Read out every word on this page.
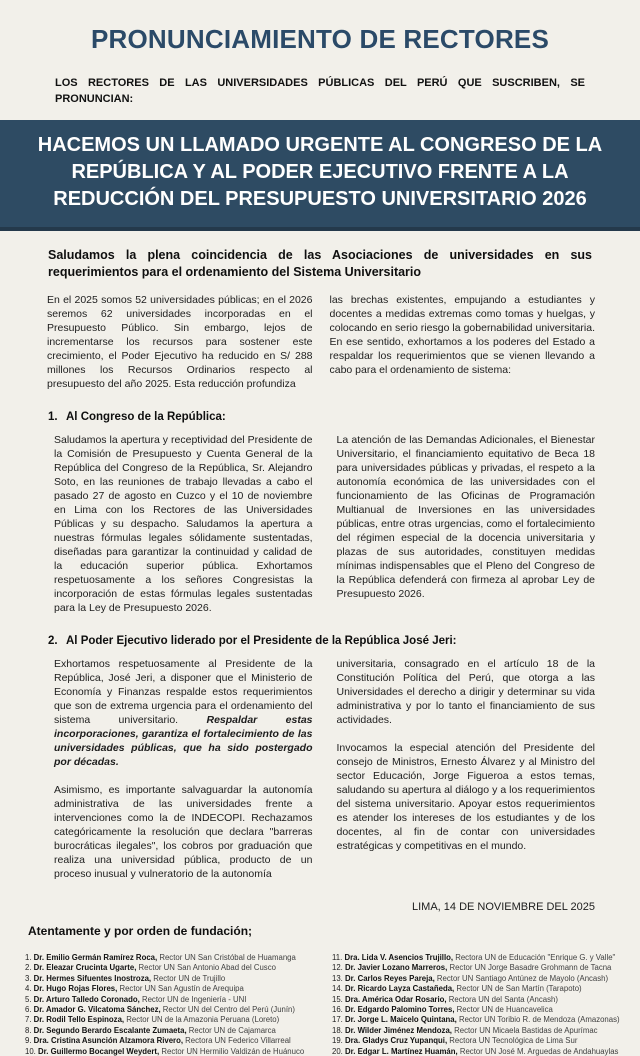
PRONUNCIAMIENTO DE RECTORES

LOS RECTORES DE LAS UNIVERSIDADES PÚBLICAS DEL PERÚ QUE SUSCRIBEN, SE PRONUNCIAN:

HACEMOS UN LLAMADO URGENTE AL CONGRESO DE LA REPÚBLICA Y AL PODER EJECUTIVO FRENTE A LA REDUCCIÓN DEL PRESUPUESTO UNIVERSITARIO 2026

Saludamos la plena coincidencia de las Asociaciones de universidades en sus requerimientos para el ordenamiento del Sistema Universitario

En el 2025 somos 52 universidades públicas; en el 2026 seremos 62 universidades incorporadas en el Presupuesto Público. Sin embargo, lejos de incrementarse los recursos para sostener este crecimiento, el Poder Ejecutivo ha reducido en S/ 288 millones los Recursos Ordinarios respecto al presupuesto del año 2025. Esta reducción profundiza
las brechas existentes, empujando a estudiantes y docentes a medidas extremas como tomas y huelgas, y colocando en serio riesgo la gobernabilidad universitaria. En ese sentido, exhortamos a los poderes del Estado a respaldar los requerimientos que se vienen llevando a cabo para el ordenamiento de sistema:
1. Al Congreso de la República:
Saludamos la apertura y receptividad del Presidente de la Comisión de Presupuesto y Cuenta General de la República del Congreso de la República, Sr. Alejandro Soto, en las reuniones de trabajo llevadas a cabo el pasado 27 de agosto en Cuzco y el 10 de noviembre en Lima con los Rectores de las Universidades Públicas y su despacho. Saludamos la apertura a nuestras fórmulas legales sólidamente sustentadas, diseñadas para garantizar la continuidad y calidad de la educación superior pública. Exhortamos respetuosamente a los señores Congresistas la incorporación de estas fórmulas legales sustentadas para la Ley de Presupuesto 2026.
La atención de las Demandas Adicionales, el Bienestar Universitario, el financiamiento equitativo de Beca 18 para universidades públicas y privadas, el respeto a la autonomía económica de las universidades con el funcionamiento de las Oficinas de Programación Multianual de Inversiones en las universidades públicas, entre otras urgencias, como el fortalecimiento del régimen especial de la docencia universitaria y plazas de sus autoridades, constituyen medidas mínimas indispensables que el Pleno del Congreso de la República defenderá con firmeza al aprobar Ley de Presupuesto 2026.
2. Al Poder Ejecutivo liderado por el Presidente de la República José Jeri:

Exhortamos respetuosamente al Presidente de la República, José Jeri, a disponer que el Ministerio de Economía y Finanzas respalde estos requerimientos que son de extrema urgencia para el ordenamiento del sistema universitario. Respaldar estas incorporaciones, garantiza el fortalecimiento de las universidades públicas, que ha sido postergado por décadas.

Asimismo, es importante salvaguardar la autonomía administrativa de las universidades frente a intervenciones como la de INDECOPI. Rechazamos categóricamente la resolución que declara "barreras burocráticas ilegales", los cobros por graduación que realiza una universidad pública, producto de un proceso inusual y vulneratorio de la autonomía

universitaria, consagrado en el artículo 18 de la Constitución Política del Perú, que otorga a las Universidades el derecho a dirigir y determinar su vida administrativa y por lo tanto el financiamiento de sus actividades.

Invocamos la especial atención del Presidente del consejo de Ministros, Ernesto Álvarez y al Ministro del sector Educación, Jorge Figueroa a estos temas, saludando su apertura al diálogo y a los requerimientos del sistema universitario. Apoyar estos requerimientos es atender los intereses de los estudiantes y de los docentes, al fin de contar con universidades estratégicas y competitivas en el mundo.

LIMA, 14 DE NOVIEMBRE DEL 2025
Atentamente y por orden de fundación;
1. Dr. Emilio Germán Ramírez Roca, Rector UN San Cristóbal de Huamanga
2. Dr. Eleazar Crucinta Ugarte, Rector UN San Antonio Abad del Cusco
3. Dr. Hermes Sifuentes Inostroza, Rector UN de Trujillo
4. Dr. Hugo Rojas Flores, Rector UN San Agustín de Arequipa
5. Dr. Arturo Talledo Coronado, Rector UN de Ingeniería - UNI
6. Dr. Amador G. Vilcatoma Sánchez, Rector UN del Centro del Perú (Junín)
7. Dr. Rodil Tello Espinoza, Rector UN de la Amazonia Peruana (Loreto)
8. Dr. Segundo Berardo Escalante Zumaeta, Rector UN de Cajamarca
9. Dra. Cristina Asunción Alzamora Rivero, Rectora UN Federico Villarreal
10. Dr. Guillermo Bocangel Weydert, Rector UN Hermilio Valdizán de Huánuco
11. Dra. Lida V. Asencios Trujillo, Rectora UN de Educación "Enrique G. y Valle"
12. Dr. Javier Lozano Marreros, Rector UN Jorge Basadre Grohmann de Tacna
13. Dr. Carlos Reyes Pareja, Rector UN Santiago Antúnez de Mayolo (Ancash)
14. Dr. Ricardo Layza Castañeda, Rector UN de San Martín (Tarapoto)
15. Dra. América Odar Rosario, Rectora UN del Santa (Ancash)
16. Dr. Edgardo Palomino Torres, Rector UN de Huancavelica
17. Dr. Jorge L. Maicelo Quintana, Rector UN Toribio R. de Mendoza (Amazonas)
18. Dr. Wilder Jiménez Mendoza, Rector UN Micaela Bastidas de Apurímac
19. Dra. Gladys Cruz Yupanqui, Rectora UN Tecnológica de Lima Sur
20. Dr. Edgar L. Martínez Huamán, Rector UN José M. Arguedas de Andahuaylas
